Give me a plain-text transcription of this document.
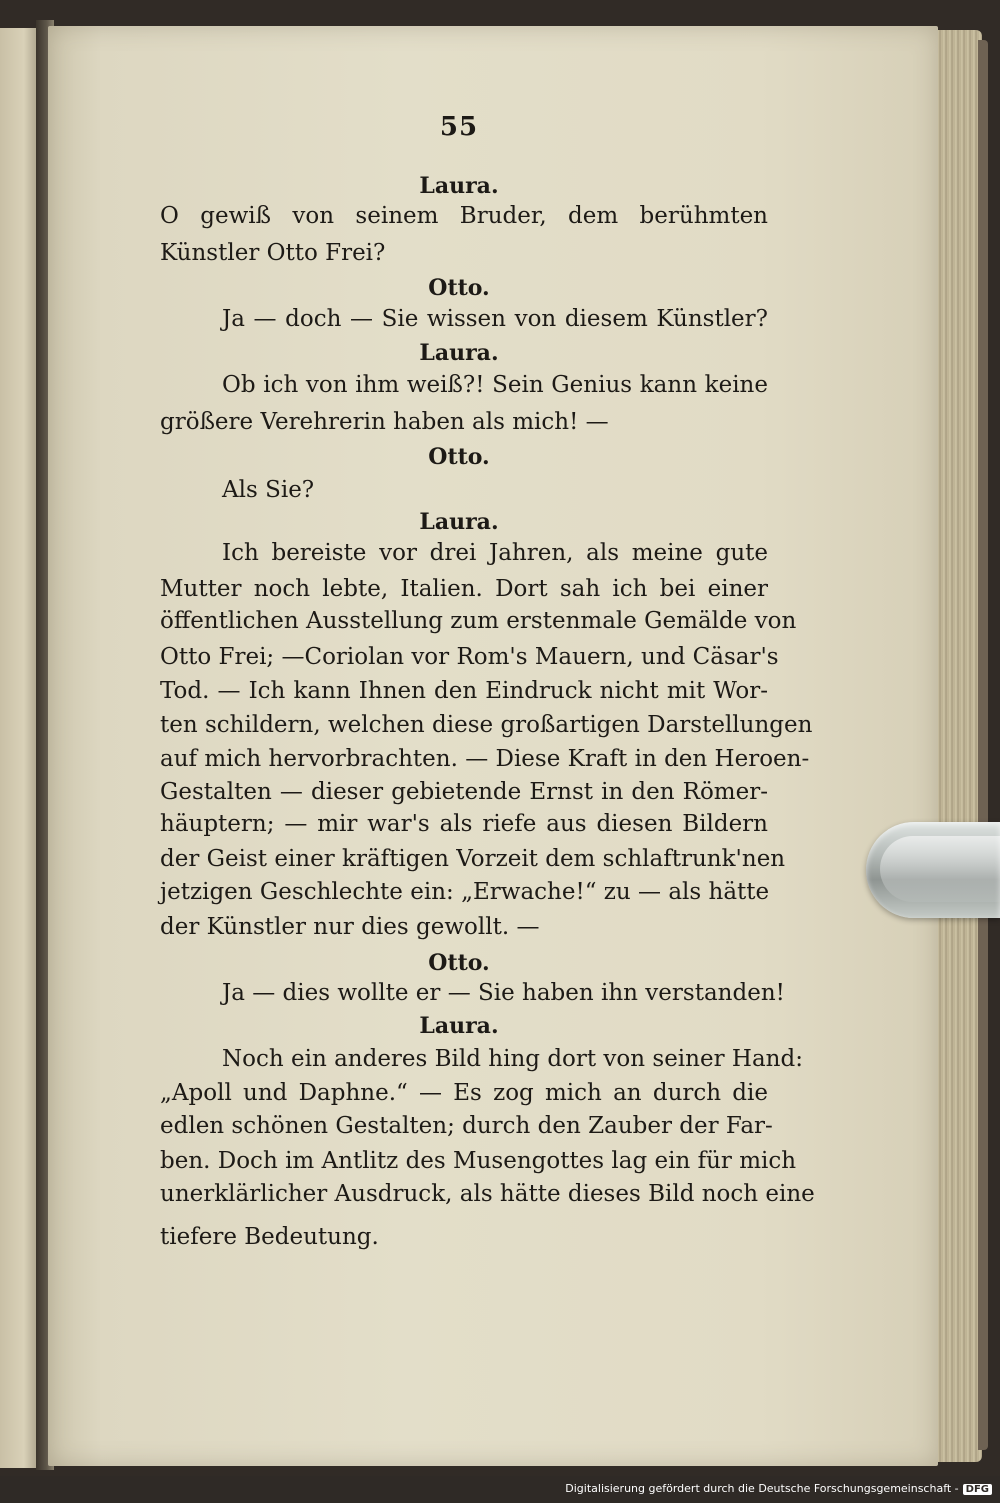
55
Laura.
O gewiß von seinem Bruder, dem berühmten
Künstler Otto Frei?
Otto.
Ja — doch — Sie wissen von diesem Künstler?
Laura.
Ob ich von ihm weiß?! Sein Genius kann keine
größere Verehrerin haben als mich! —
Otto.
Als Sie?
Laura.
Ich bereiste vor drei Jahren, als meine gute
Mutter noch lebte, Italien. Dort sah ich bei einer
öffentlichen Ausstellung zum erstenmale Gemälde von
Otto Frei; —Coriolan vor Rom's Mauern, und Cäsar's
Tod. — Ich kann Ihnen den Eindruck nicht mit Wor-
ten schildern, welchen diese großartigen Darstellungen
auf mich hervorbrachten. — Diese Kraft in den Heroen-
Gestalten — dieser gebietende Ernst in den Römer-
häuptern; — mir war's als riefe aus diesen Bildern
der Geist einer kräftigen Vorzeit dem schlaftrunk'nen
jetzigen Geschlechte ein: „Erwache!“ zu — als hätte
der Künstler nur dies gewollt. —
Otto.
Ja — dies wollte er — Sie haben ihn verstanden!
Laura.
Noch ein anderes Bild hing dort von seiner Hand:
„Apoll und Daphne.“ — Es zog mich an durch die
edlen schönen Gestalten; durch den Zauber der Far-
ben. Doch im Antlitz des Musengottes lag ein für mich
unerklärlicher Ausdruck, als hätte dieses Bild noch eine
tiefere Bedeutung.
Digitalisierung gefördert durch die Deutsche Forschungsgemeinschaft - DFG
